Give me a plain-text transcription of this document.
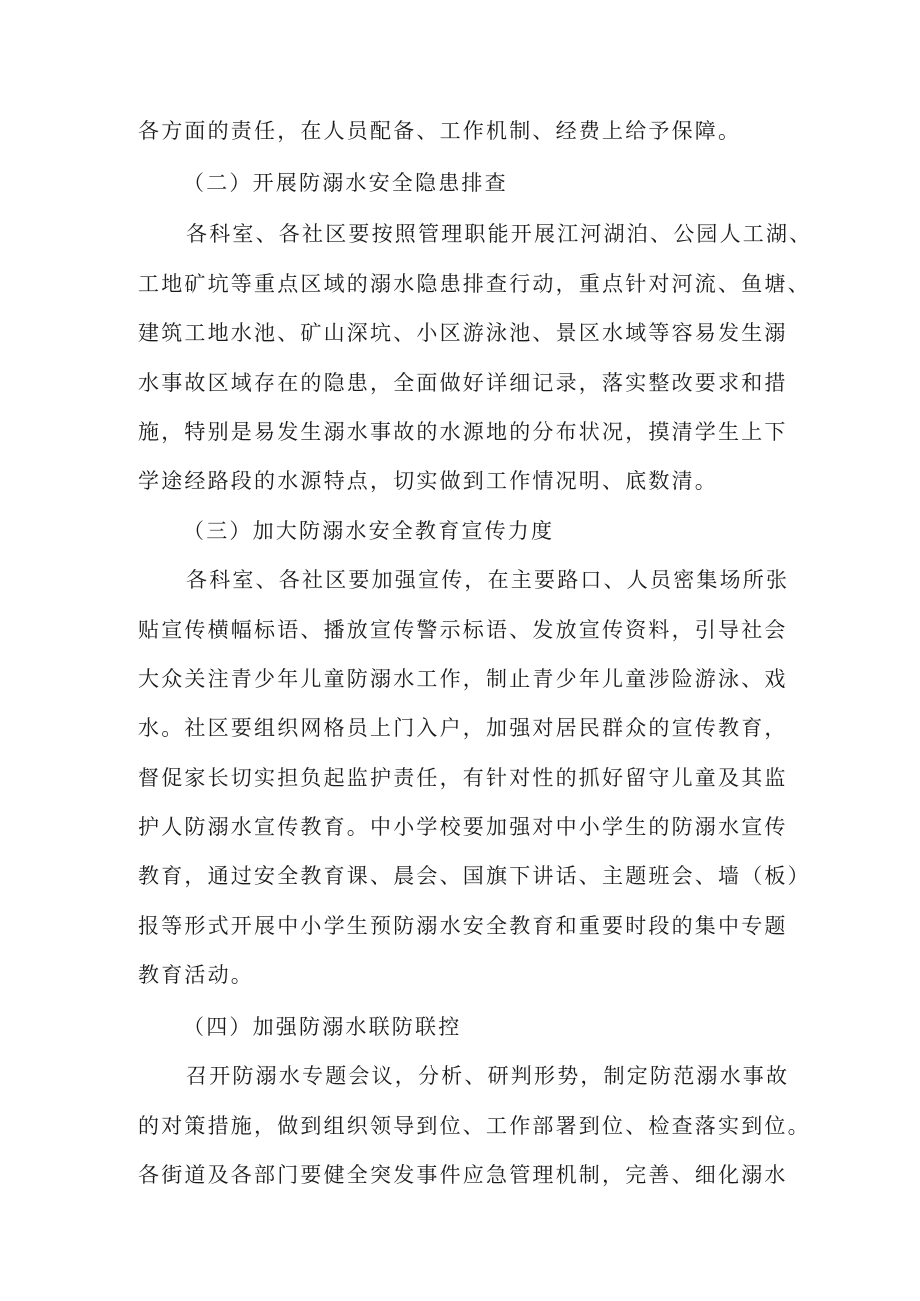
各方面的责任，在人员配备、工作机制、经费上给予保障。
（二）开展防溺水安全隐患排查
各科室、各社区要按照管理职能开展江河湖泊、公园人工湖、
工地矿坑等重点区域的溺水隐患排查行动，重点针对河流、鱼塘、
建筑工地水池、矿山深坑、小区游泳池、景区水域等容易发生溺
水事故区域存在的隐患，全面做好详细记录，落实整改要求和措
施，特别是易发生溺水事故的水源地的分布状况，摸清学生上下
学途经路段的水源特点，切实做到工作情况明、底数清。
（三）加大防溺水安全教育宣传力度
各科室、各社区要加强宣传，在主要路口、人员密集场所张
贴宣传横幅标语、播放宣传警示标语、发放宣传资料，引导社会
大众关注青少年儿童防溺水工作，制止青少年儿童涉险游泳、戏
水。社区要组织网格员上门入户，加强对居民群众的宣传教育，
督促家长切实担负起监护责任，有针对性的抓好留守儿童及其监
护人防溺水宣传教育。中小学校要加强对中小学生的防溺水宣传
教育，通过安全教育课、晨会、国旗下讲话、主题班会、墙（板）
报等形式开展中小学生预防溺水安全教育和重要时段的集中专题
教育活动。
（四）加强防溺水联防联控
召开防溺水专题会议，分析、研判形势，制定防范溺水事故
的对策措施，做到组织领导到位、工作部署到位、检查落实到位。
各街道及各部门要健全突发事件应急管理机制，完善、细化溺水
